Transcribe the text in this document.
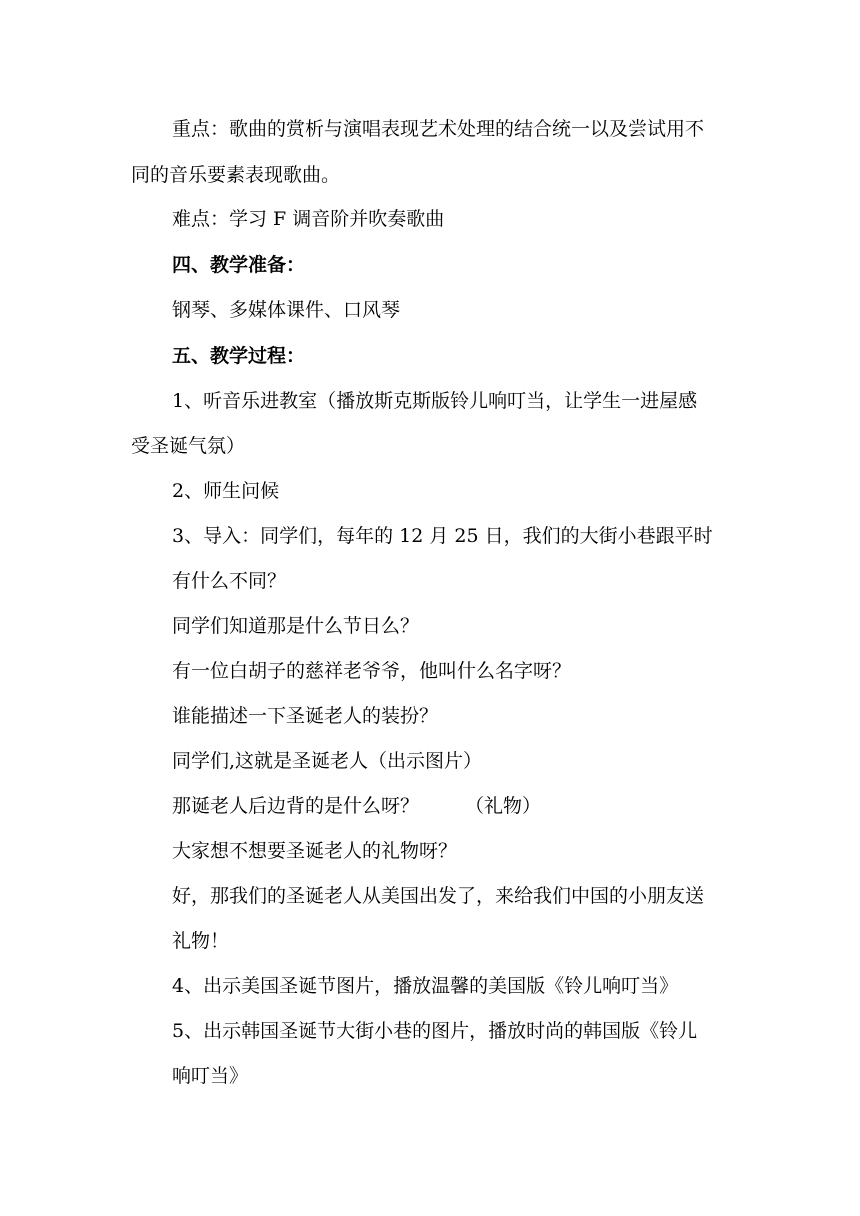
重点：歌曲的赏析与演唱表现艺术处理的结合统一以及尝试用不
同的音乐要素表现歌曲。
难点：学习 F 调音阶并吹奏歌曲
四、教学准备：
钢琴、多媒体课件、口风琴
五、教学过程：
1、听音乐进教室（播放斯克斯版铃儿响叮当，让学生一进屋感
受圣诞气氛）
2、师生问候
3、导入：同学们，每年的 12 月 25 日，我们的大街小巷跟平时
有什么不同？
同学们知道那是什么节日么？
有一位白胡子的慈祥老爷爷，他叫什么名字呀？
谁能描述一下圣诞老人的装扮？
同学们,这就是圣诞老人（出示图片）
那诞老人后边背的是什么呀？ （礼物）
大家想不想要圣诞老人的礼物呀？
好，那我们的圣诞老人从美国出发了，来给我们中国的小朋友送
礼物！
4、出示美国圣诞节图片，播放温馨的美国版《铃儿响叮当》
5、出示韩国圣诞节大街小巷的图片，播放时尚的韩国版《铃儿
响叮当》
